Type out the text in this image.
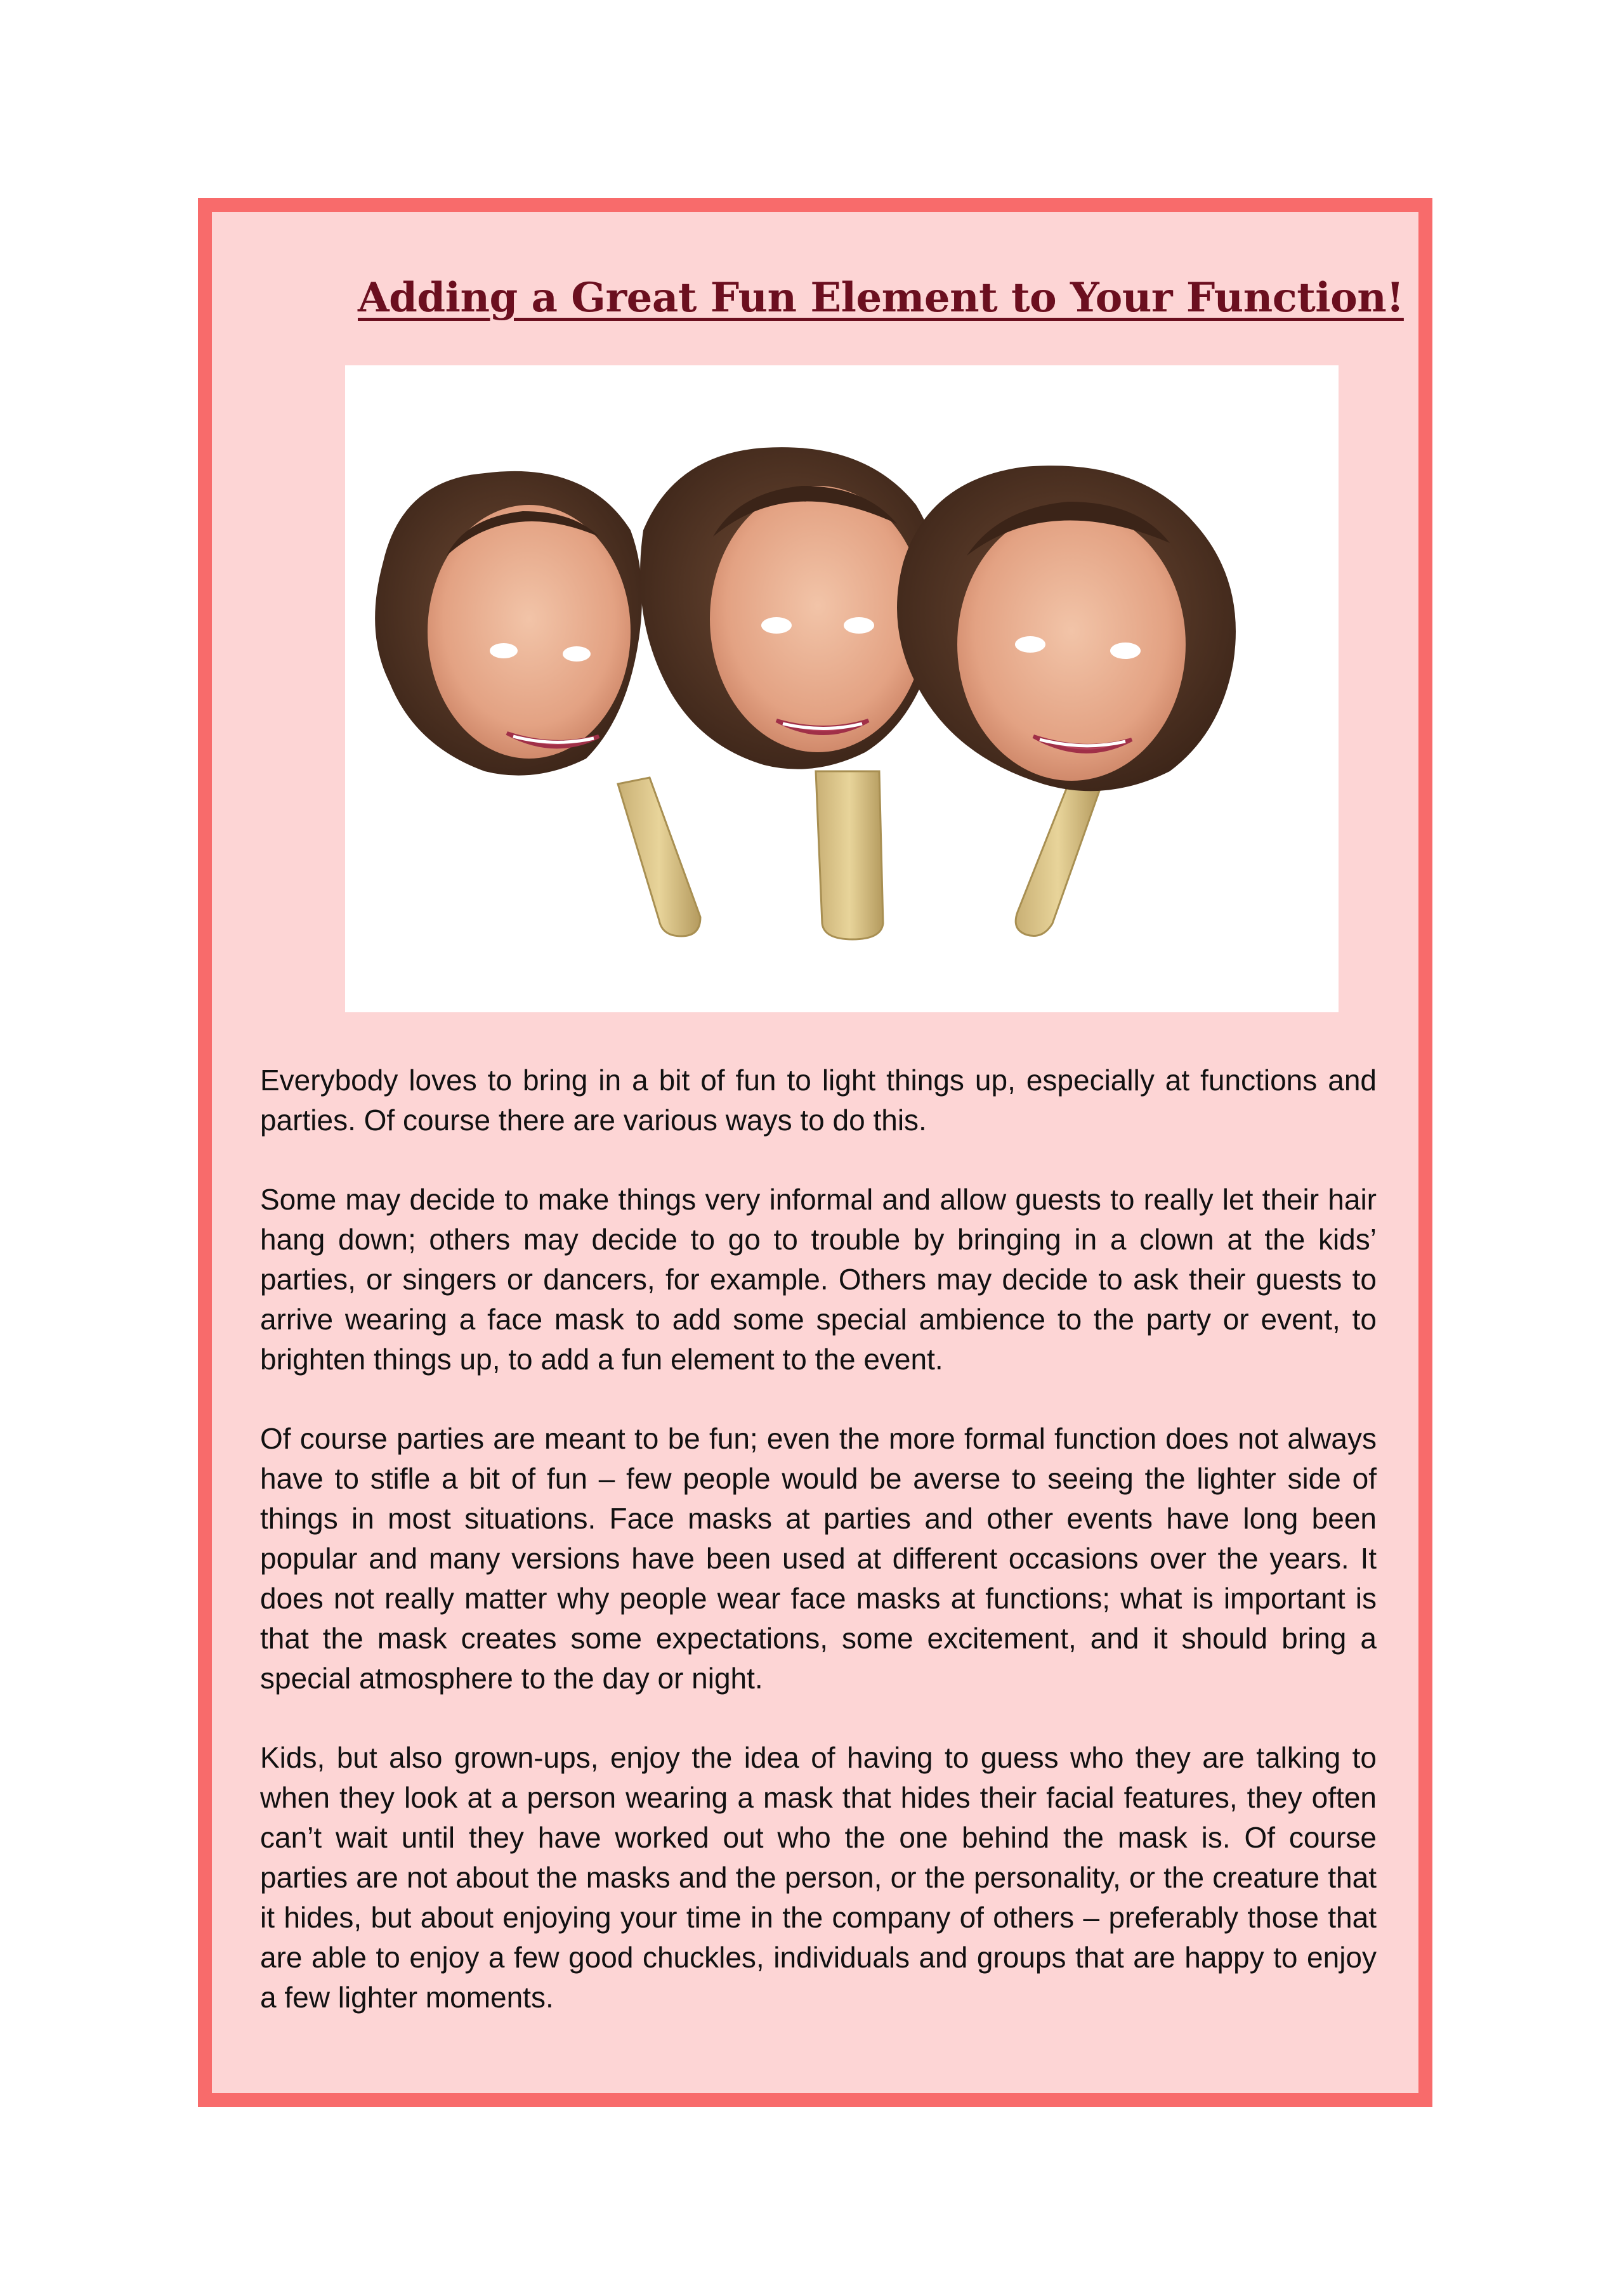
Adding a Great Fun Element to Your Function!

Everybody loves to bring in a bit of fun to light things up, especially at functions and parties. Of course there are various ways to do this.

Some may decide to make things very informal and allow guests to really let their hair hang down; others may decide to go to trouble by bringing in a clown at the kids’ parties, or singers or dancers, for example. Others may decide to ask their guests to arrive wearing a face mask to add some special ambience to the party or event, to brighten things up, to add a fun element to the event.

Of course parties are meant to be fun; even the more formal function does not always have to stifle a bit of fun – few people would be averse to seeing the lighter side of things in most situations. Face masks at parties and other events have long been popular and many versions have been used at different occasions over the years. It does not really matter why people wear face masks at functions; what is important is that the mask creates some expectations, some excitement, and it should bring a special atmosphere to the day or night.

Kids, but also grown-ups, enjoy the idea of having to guess who they are talking to when they look at a person wearing a mask that hides their facial features, they often can’t wait until they have worked out who the one behind the mask is. Of course parties are not about the masks and the person, or the personality, or the creature that it hides, but about enjoying your time in the company of others – preferably those that are able to enjoy a few good chuckles, individuals and groups that are happy to enjoy a few lighter moments.
